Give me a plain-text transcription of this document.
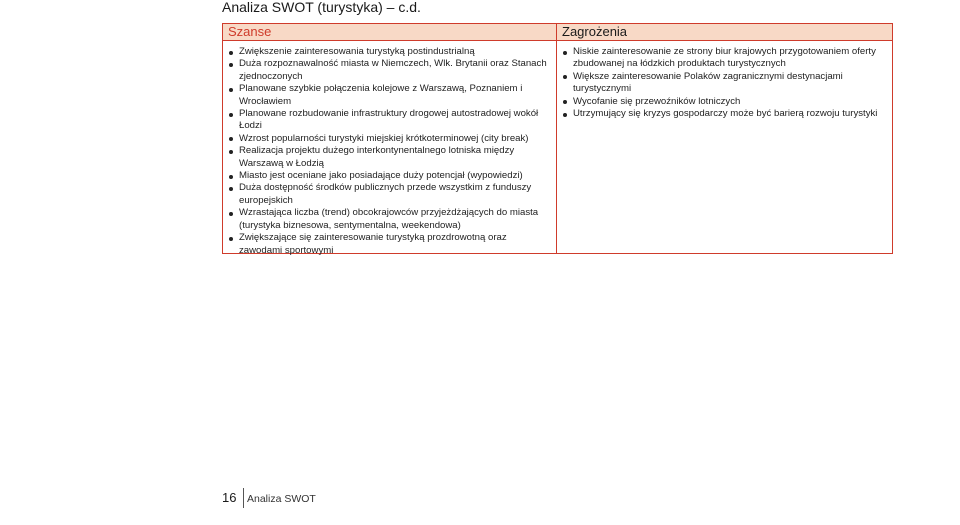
Analiza SWOT (turystyka) – c.d.
Szanse
Zwiększenie zainteresowania turystyką postindustrialną
Duża rozpoznawalność miasta w Niemczech, Wlk. Brytanii oraz Stanach zjednoczonych
Planowane szybkie połączenia kolejowe z Warszawą, Poznaniem i Wrocławiem
Planowane rozbudowanie infrastruktury drogowej autostradowej wokół Łodzi
Wzrost popularności turystyki miejskiej krótkoterminowej (city break)
Realizacja projektu dużego interkontynentalnego lotniska między Warszawą w Łodzią
Miasto jest oceniane jako posiadające duży potencjał (wypowiedzi)
Duża dostępność środków publicznych przede wszystkim z funduszy europejskich
Wzrastająca liczba (trend) obcokrajowców przyjeżdżających do miasta (turystyka biznesowa, sentymentalna, weekendowa)
Zwiększające się zainteresowanie turystyką prozdrowotną oraz zawodami sportowymi
Zagrożenia
Niskie zainteresowanie ze strony biur krajowych przygotowaniem oferty zbudowanej na łódzkich produktach turystycznych
Większe zainteresowanie Polaków zagranicznymi destynacjami turystycznymi
Wycofanie się przewoźników lotniczych
Utrzymujący się kryzys gospodarczy może być barierą rozwoju turystyki
16 Analiza SWOT
